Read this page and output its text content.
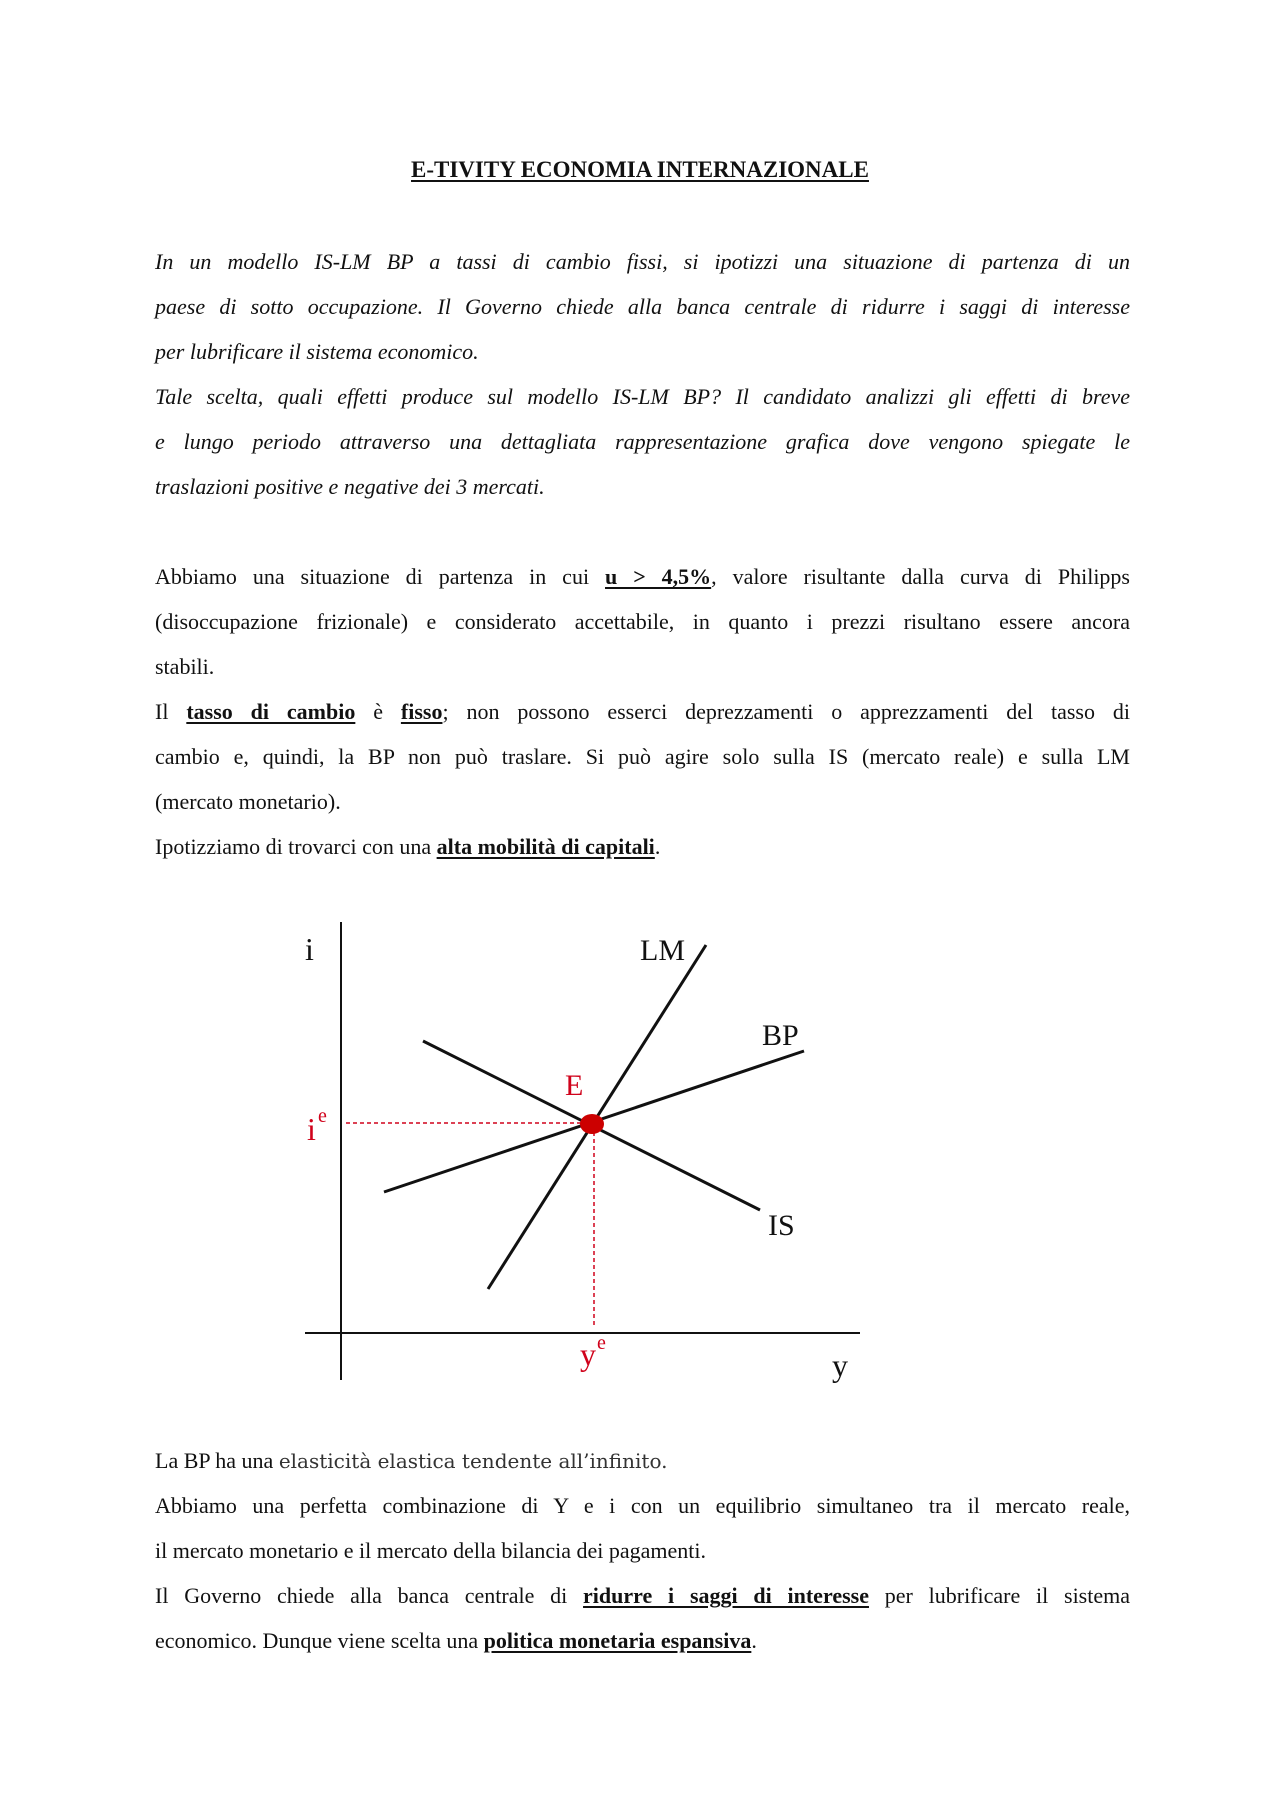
E-TIVITY ECONOMIA INTERNAZIONALE
In un modello IS-LM BP a tassi di cambio fissi, si ipotizzi una situazione di partenza di un
paese di sotto occupazione. Il Governo chiede alla banca centrale di ridurre i saggi di interesse
per lubrificare il sistema economico.
Tale scelta, quali effetti produce sul modello IS-LM BP? Il candidato analizzi gli effetti di breve
e lungo periodo attraverso una dettagliata rappresentazione grafica dove vengono spiegate le
traslazioni positive e negative dei 3 mercati.
Abbiamo una situazione di partenza in cui u > 4,5%, valore risultante dalla curva di Philipps
(disoccupazione frizionale) e considerato accettabile, in quanto i prezzi risultano essere ancora
stabili.
Il tasso di cambio è fisso; non possono esserci deprezzamenti o apprezzamenti del tasso di
cambio e, quindi, la BP non può traslare. Si può agire solo sulla IS (mercato reale) e sulla LM
(mercato monetario).
Ipotizziamo di trovarci con una alta mobilità di capitali.
i
y
LM
BP
IS
E
i e
y e
La BP ha una elasticità elastica tendente all’infinito.
Abbiamo una perfetta combinazione di Y e i con un equilibrio simultaneo tra il mercato reale,
il mercato monetario e il mercato della bilancia dei pagamenti.
Il Governo chiede alla banca centrale di ridurre i saggi di interesse per lubrificare il sistema
economico. Dunque viene scelta una politica monetaria espansiva.
